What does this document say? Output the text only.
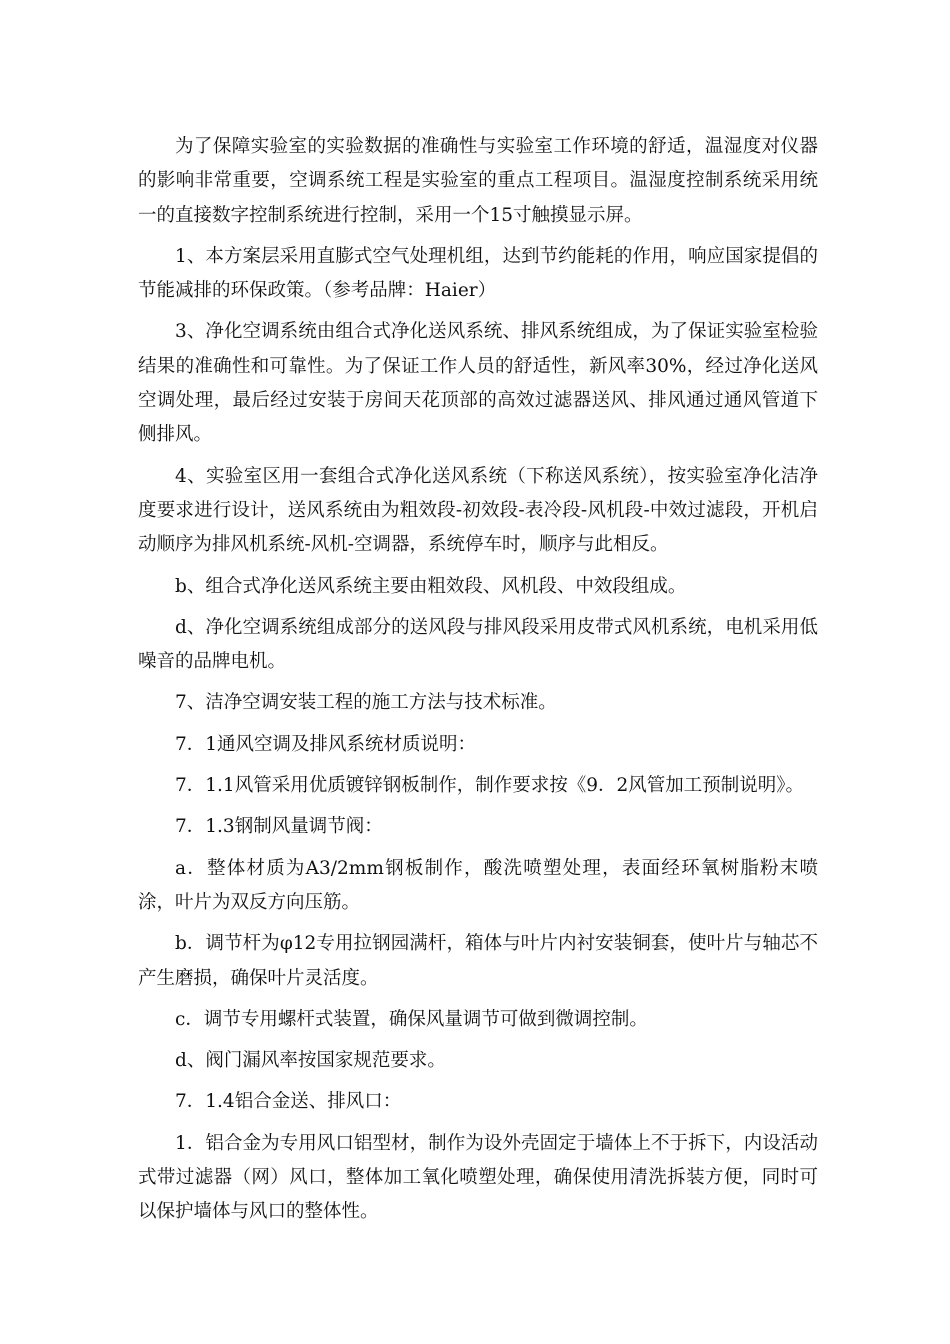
为了保障实验室的实验数据的准确性与实验室工作环境的舒适，温湿度对仪器的影响非常重要，空调系统工程是实验室的重点工程项目。温湿度控制系统采用统一的直接数字控制系统进行控制，采用一个15寸触摸显示屏。

1、本方案层采用直膨式空气处理机组，达到节约能耗的作用，响应国家提倡的节能减排的环保政策。（参考品牌：Haier）

3、净化空调系统由组合式净化送风系统、排风系统组成，为了保证实验室检验结果的准确性和可靠性。为了保证工作人员的舒适性，新风率30%，经过净化送风空调处理，最后经过安装于房间天花顶部的高效过滤器送风、排风通过通风管道下侧排风。

4、实验室区用一套组合式净化送风系统（下称送风系统），按实验室净化洁净度要求进行设计，送风系统由为粗效段-初效段-表冷段-风机段-中效过滤段，开机启动顺序为排风机系统-风机-空调器，系统停车时，顺序与此相反。

b、组合式净化送风系统主要由粗效段、风机段、中效段组成。

d、净化空调系统组成部分的送风段与排风段采用皮带式风机系统，电机采用低噪音的品牌电机。

7、洁净空调安装工程的施工方法与技术标准。

7．1通风空调及排风系统材质说明：

7．1.1风管采用优质镀锌钢板制作，制作要求按《9．2风管加工预制说明》。

7．1.3钢制风量调节阀：

a．整体材质为A3/2mm钢板制作，酸洗喷塑处理，表面经环氧树脂粉末喷涂，叶片为双反方向压筋。

b．调节杆为φ12专用拉钢园满杆，箱体与叶片内衬安装铜套，使叶片与轴芯不产生磨损，确保叶片灵活度。

c．调节专用螺杆式装置，确保风量调节可做到微调控制。

d、阀门漏风率按国家规范要求。

7．1.4铝合金送、排风口：

1．铝合金为专用风口铝型材，制作为设外壳固定于墙体上不于拆下，内设活动式带过滤器（网）风口，整体加工氧化喷塑处理，确保使用清洗拆装方便，同时可以保护墙体与风口的整体性。
